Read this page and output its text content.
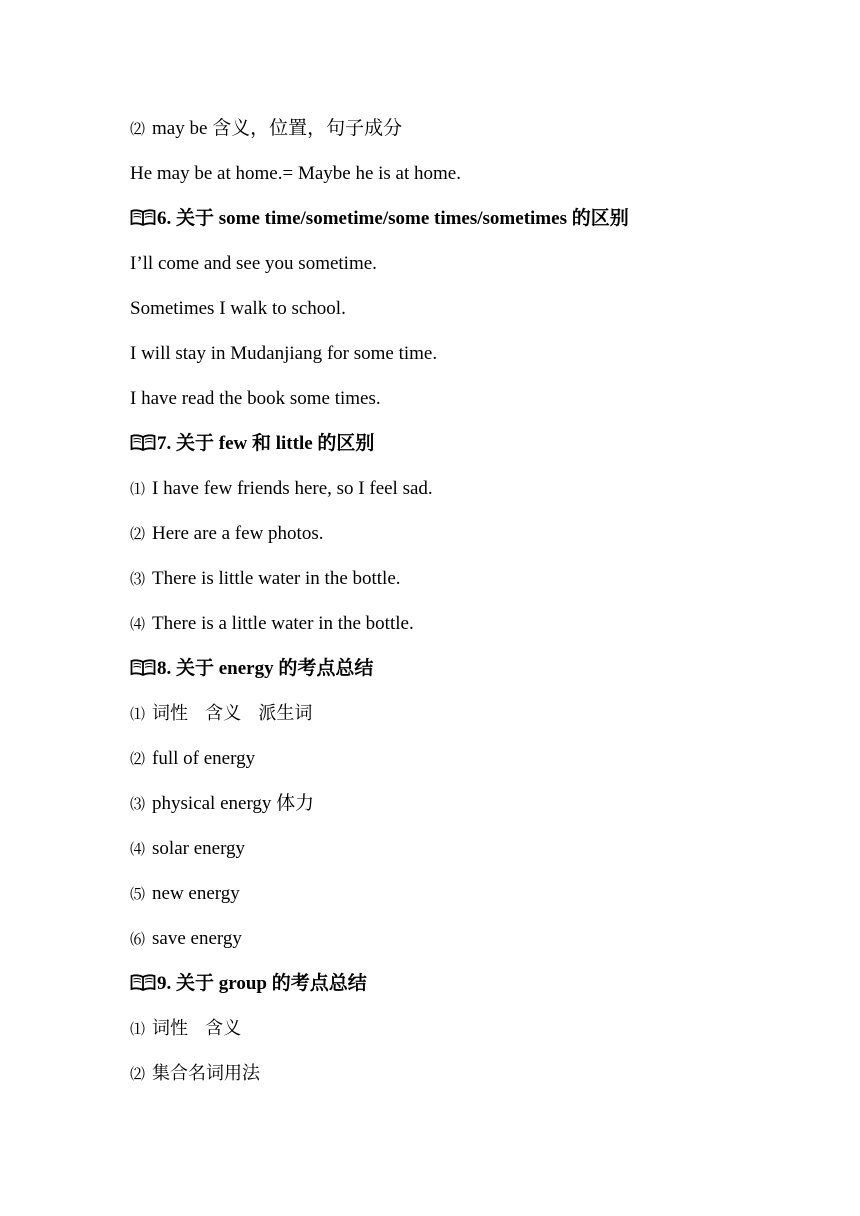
⑵ may be 含义，位置，句子成分
He may be at home.= Maybe he is at home.
6. 关于 some time/sometime/some times/sometimes 的区别
I’ll come and see you sometime.
Sometimes I walk to school.
I will stay in Mudanjiang for some time.
I have read the book some times.
7. 关于 few 和 little 的区别
⑴ I have few friends here, so I feel sad.
⑵ Here are a few photos.
⑶ There is little water in the bottle.
⑷ There is a little water in the bottle.
8. 关于 energy 的考点总结
⑴ 词性   含义   派生词
⑵ full of energy
⑶ physical energy 体力
⑷ solar energy
⑸ new energy
⑹ save energy
9. 关于 group 的考点总结
⑴ 词性   含义
⑵ 集合名词用法
